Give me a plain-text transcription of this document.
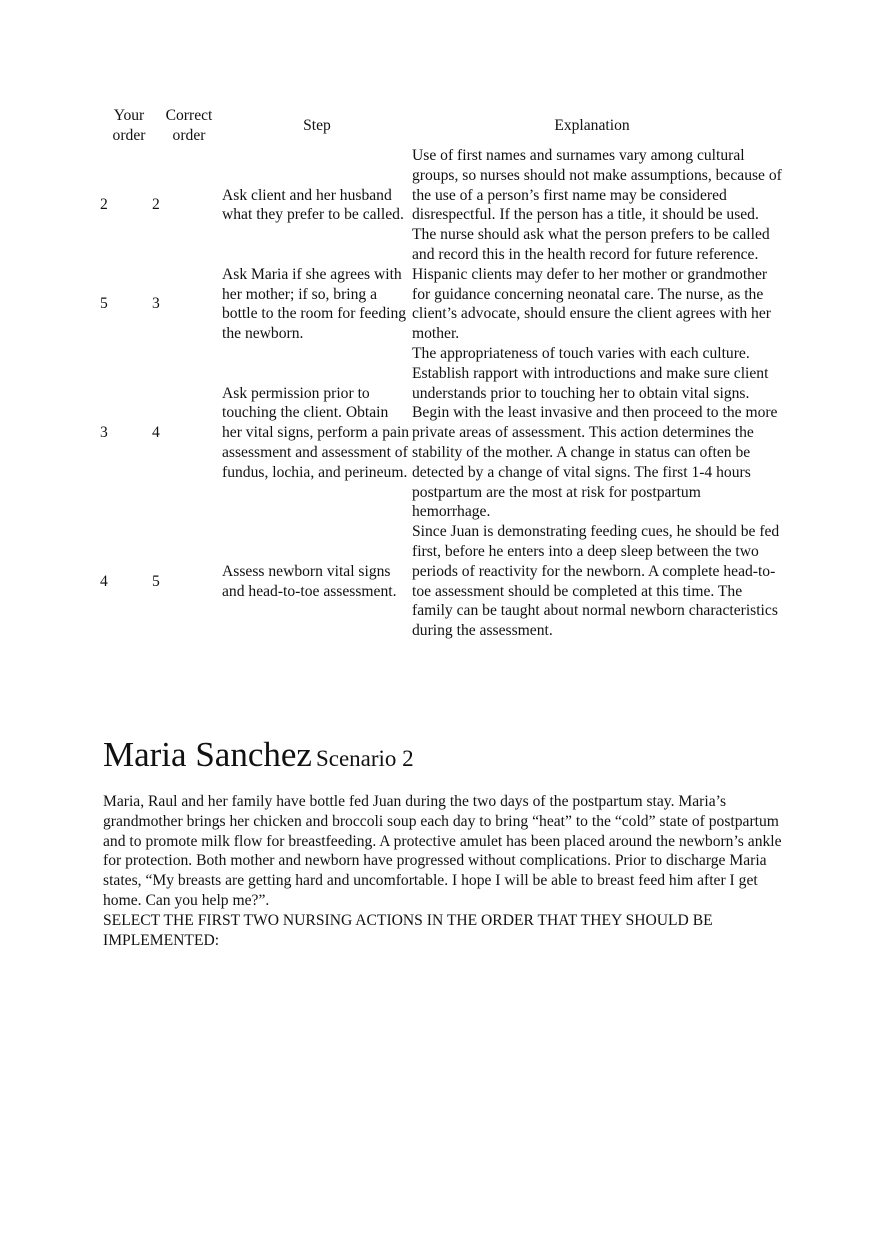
Your order	Correct order	Step	Explanation
2	2	Ask client and her husband what they prefer to be called.	Use of first names and surnames vary among cultural groups, so nurses should not make assumptions, because of the use of a person’s first name may be considered disrespectful. If the person has a title, it should be used. The nurse should ask what the person prefers to be called and record this in the health record for future reference.
5	3	Ask Maria if she agrees with her mother; if so, bring a bottle to the room for feeding the newborn.	Hispanic clients may defer to her mother or grandmother for guidance concerning neonatal care. The nurse, as the client’s advocate, should ensure the client agrees with her mother.
3	4	Ask permission prior to touching the client. Obtain her vital signs, perform a pain assessment and assessment of fundus, lochia, and perineum.	The appropriateness of touch varies with each culture. Establish rapport with introductions and make sure client understands prior to touching her to obtain vital signs. Begin with the least invasive and then proceed to the more private areas of assessment. This action determines the stability of the mother. A change in status can often be detected by a change of vital signs. The first 1-4 hours postpartum are the most at risk for postpartum hemorrhage.
4	5	Assess newborn vital signs and head-to-toe assessment.	Since Juan is demonstrating feeding cues, he should be fed first, before he enters into a deep sleep between the two periods of reactivity for the newborn. A complete head-to-toe assessment should be completed at this time. The family can be taught about normal newborn characteristics during the assessment.
Maria Sanchez Scenario 2

Maria, Raul and her family have bottle fed Juan during the two days of the postpartum stay. Maria’s grandmother brings her chicken and broccoli soup each day to bring “heat” to the “cold” state of postpartum and to promote milk flow for breastfeeding. A protective amulet has been placed around the newborn’s ankle for protection. Both mother and newborn have progressed without complications. Prior to discharge Maria states, “My breasts are getting hard and uncomfortable. I hope I will be able to breast feed him after I get home. Can you help me?”.
SELECT THE FIRST TWO NURSING ACTIONS IN THE ORDER THAT THEY SHOULD BE IMPLEMENTED:
